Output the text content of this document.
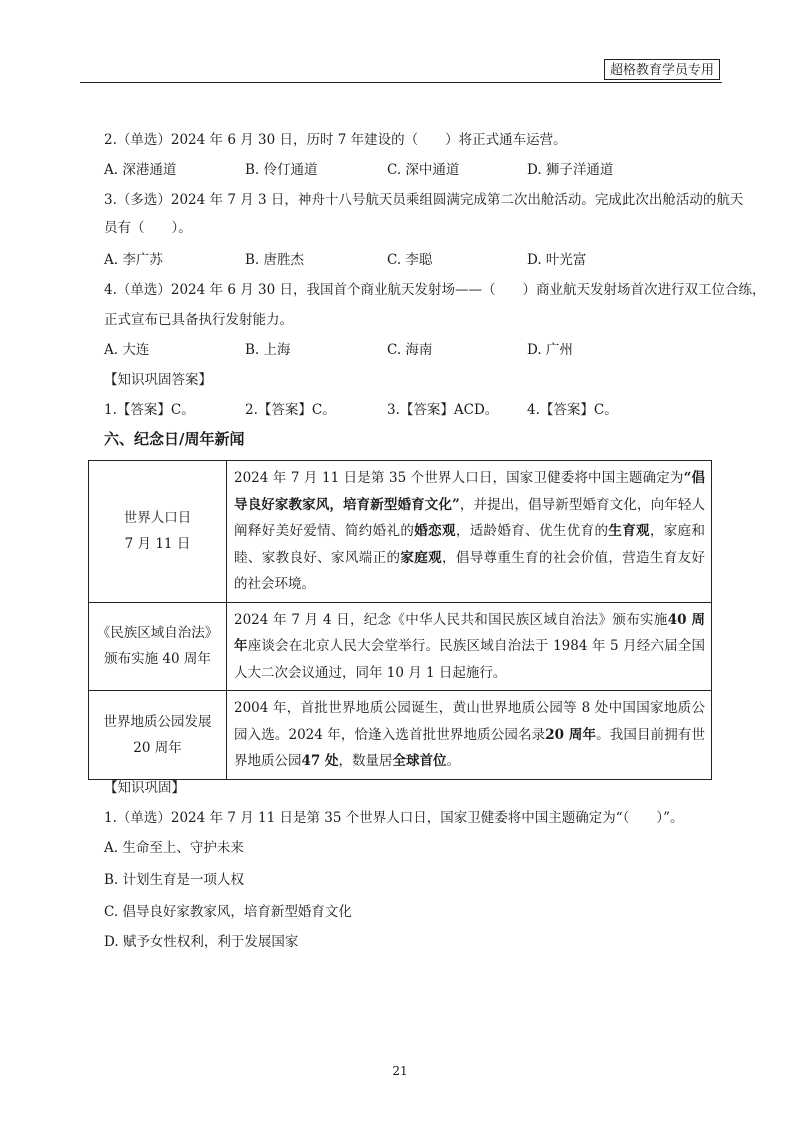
超格教育学员专用
2.（单选）2024 年 6 月 30 日，历时 7 年建设的（　　）将正式通车运营。
A. 深港通道	B. 伶仃通道	C. 深中通道	D. 狮子洋通道
3.（多选）2024 年 7 月 3 日，神舟十八号航天员乘组圆满完成第二次出舱活动。完成此次出舱活动的航天
员有（　　）。
A. 李广苏	B. 唐胜杰	C. 李聪	D. 叶光富
4.（单选）2024 年 6 月 30 日，我国首个商业航天发射场——（　　）商业航天发射场首次进行双工位合练，
正式宣布已具备执行发射能力。
A. 大连	B. 上海	C. 海南	D. 广州
【知识巩固答案】
1.【答案】C。	2.【答案】C。	3.【答案】ACD。 4.【答案】C。
六、纪念日/周年新闻
世界人口日
7 月 11 日	2024 年 7 月 11 日是第 35 个世界人口日，国家卫健委将中国主题确定为“倡导良好家教家风，培育新型婚育文化”，并提出，倡导新型婚育文化，向年轻人阐释好美好爱情、简约婚礼的婚恋观，适龄婚育、优生优育的生育观，家庭和睦、家教良好、家风端正的家庭观，倡导尊重生育的社会价值，营造生育友好的社会环境。

《民族区域自治法》
颁布实施 40 周年	2024 年 7 月 4 日，纪念《中华人民共和国民族区域自治法》颁布实施40 周年座谈会在北京人民大会堂举行。民族区域自治法于 1984 年 5 月经六届全国人大二次会议通过，同年 10 月 1 日起施行。

世界地质公园发展
20 周年	2004 年，首批世界地质公园诞生，黄山世界地质公园等 8 处中国国家地质公园入选。2024 年，恰逢入选首批世界地质公园名录20 周年。我国目前拥有世界地质公园47 处，数量居全球首位。
【知识巩固】
1.（单选）2024 年 7 月 11 日是第 35 个世界人口日，国家卫健委将中国主题确定为“（　　）”。
A. 生命至上、守护未来
B. 计划生育是一项人权
C. 倡导良好家教家风，培育新型婚育文化
D. 赋予女性权利，利于发展国家
21
